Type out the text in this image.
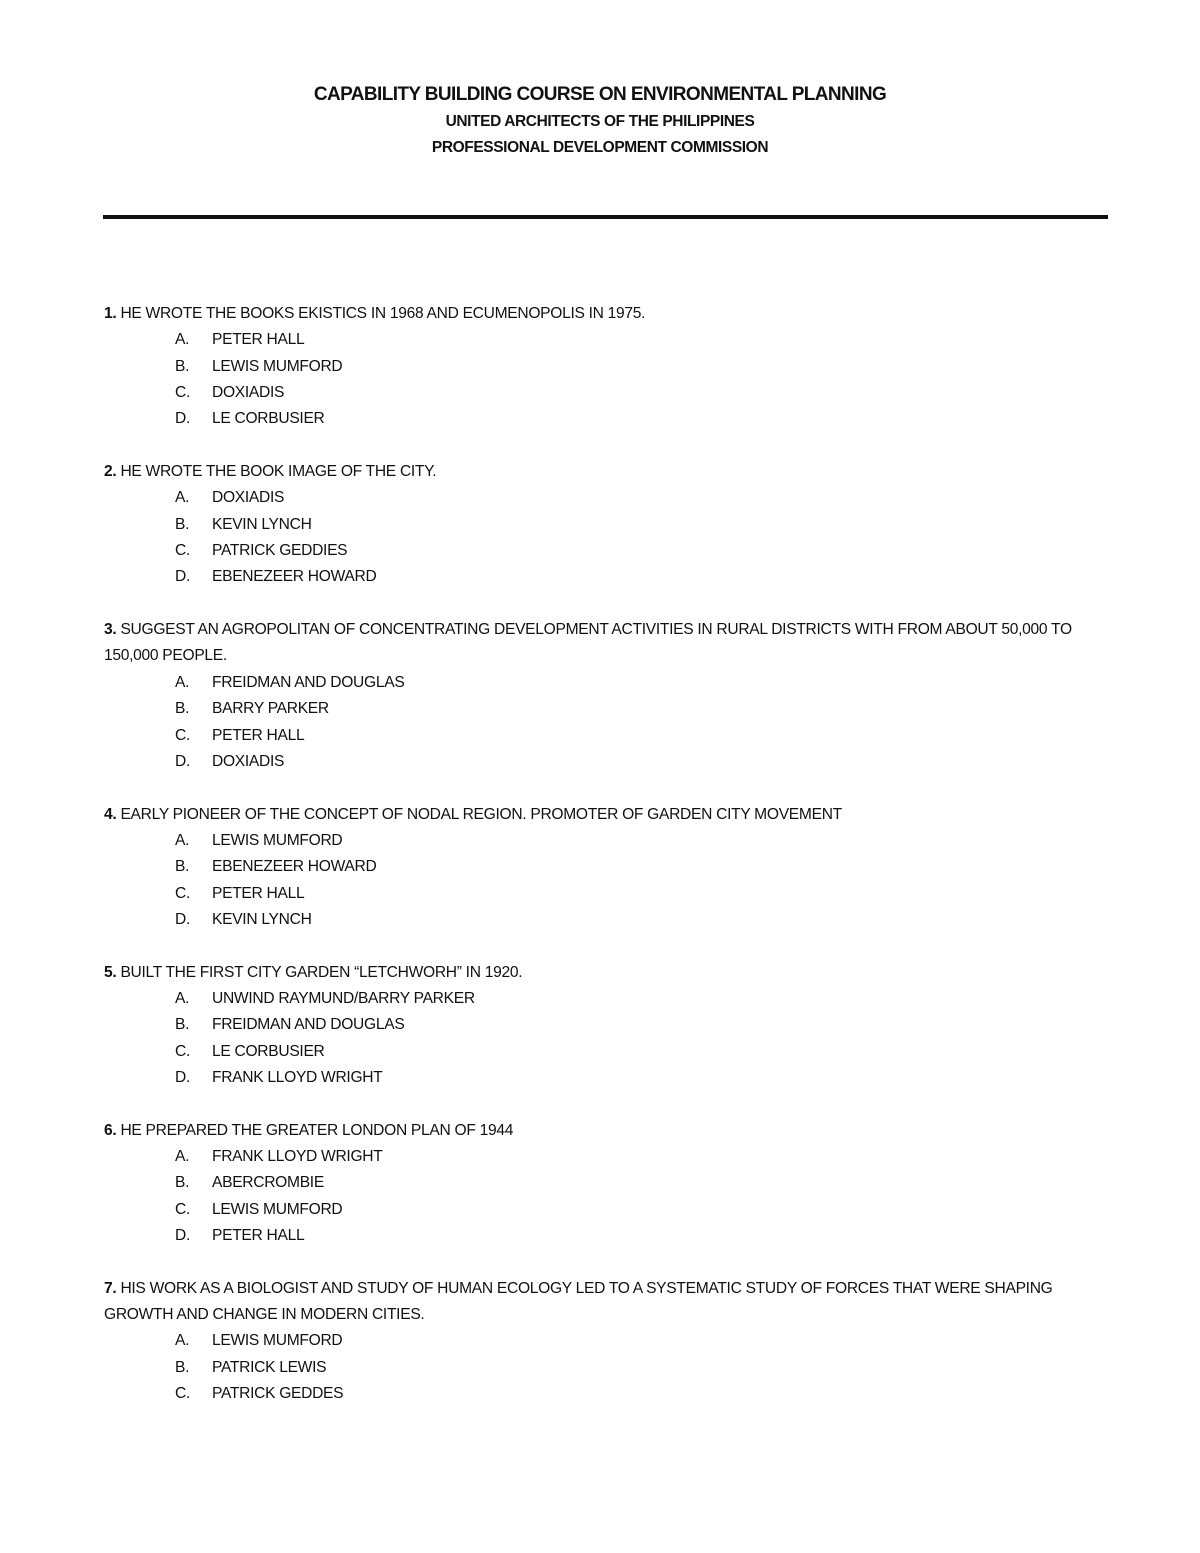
CAPABILITY BUILDING COURSE ON ENVIRONMENTAL PLANNING
UNITED ARCHITECTS OF THE PHILIPPINES
PROFESSIONAL DEVELOPMENT COMMISSION
1. HE WROTE THE BOOKS EKISTICS IN 1968 AND ECUMENOPOLIS IN 1975.
A.	PETER HALL
B.	LEWIS MUMFORD
C.	DOXIADIS
D.	LE CORBUSIER
2. HE WROTE THE BOOK IMAGE OF THE CITY.
A.	DOXIADIS
B.	KEVIN LYNCH
C.	PATRICK GEDDIES
D.	EBENEZEER HOWARD
3. SUGGEST AN AGROPOLITAN OF CONCENTRATING DEVELOPMENT ACTIVITIES IN RURAL DISTRICTS WITH FROM ABOUT 50,000 TO 150,000 PEOPLE.
A.	FREIDMAN AND DOUGLAS
B.	BARRY PARKER
C.	PETER HALL
D.	DOXIADIS
4. EARLY PIONEER OF THE CONCEPT OF NODAL REGION. PROMOTER OF GARDEN CITY MOVEMENT
A.	LEWIS MUMFORD
B.	EBENEZEER HOWARD
C.	PETER HALL
D.	KEVIN LYNCH
5. BUILT THE FIRST CITY GARDEN “LETCHWORH” IN 1920.
A.	UNWIND RAYMUND/BARRY PARKER
B.	FREIDMAN AND DOUGLAS
C.	LE CORBUSIER
D.	FRANK LLOYD WRIGHT
6. HE PREPARED THE GREATER LONDON PLAN OF 1944
A.	FRANK LLOYD WRIGHT
B.	ABERCROMBIE
C.	LEWIS MUMFORD
D.	PETER HALL
7. HIS WORK AS A BIOLOGIST AND STUDY OF HUMAN ECOLOGY LED TO A SYSTEMATIC STUDY OF FORCES THAT WERE SHAPING GROWTH AND CHANGE IN MODERN CITIES.
A.	LEWIS MUMFORD
B.	PATRICK LEWIS
C.	PATRICK GEDDES
